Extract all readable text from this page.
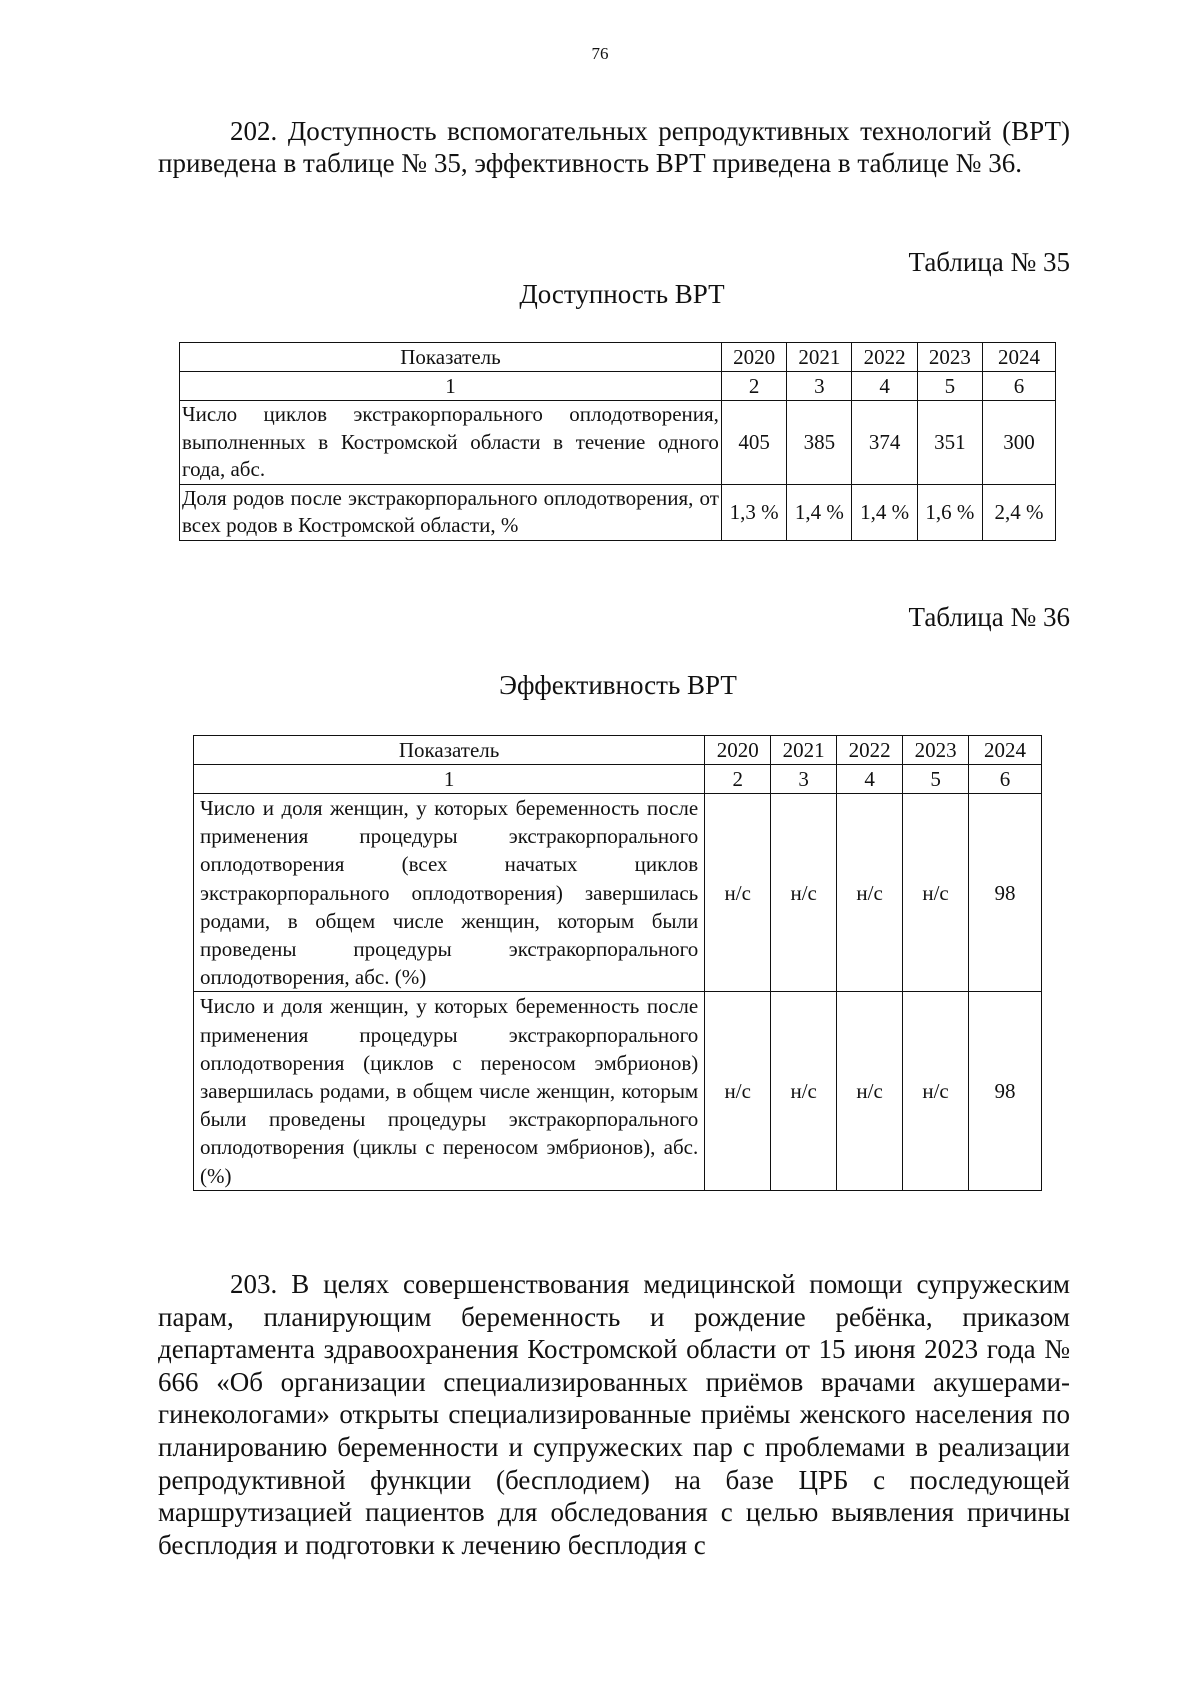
76

202. Доступность вспомогательных репродуктивных технологий (ВРТ) приведена в таблице № 35, эффективность ВРТ приведена в таблице № 36.

Таблица № 35

Доступность ВРТ

Показатель	2020	2021	2022	2023	2024
1	2	3	4	5	6
Число циклов экстракорпорального оплодотворения, выполненных в Костромской области в течение одного года, абс.	405	385	374	351	300
Доля родов после экстракорпорального оплодотворения, от всех родов в Костромской области, %	1,3 %	1,4 %	1,4 %	1,6 %	2,4 %

Таблица № 36

Эффективность ВРТ

Показатель	2020	2021	2022	2023	2024
1	2	3	4	5	6
Число и доля женщин, у которых беременность после применения процедуры экстракорпорального оплодотворения (всех начатых циклов экстракорпорального оплодотворения) завершилась родами, в общем числе женщин, которым были проведены процедуры экстракорпорального оплодотворения, абс. (%)	н/с	н/с	н/с	н/с	98
Число и доля женщин, у которых беременность после применения процедуры экстракорпорального оплодотворения (циклов с переносом эмбрионов) завершилась родами, в общем числе женщин, которым были проведены процедуры экстракорпорального оплодотворения (циклы с переносом эмбрионов), абс. (%)	н/с	н/с	н/с	н/с	98

203. В целях совершенствования медицинской помощи супружеским парам, планирующим беременность и рождение ребёнка, приказом департамента здравоохранения Костромской области от 15 июня 2023 года № 666 «Об организации специализированных приёмов врачами акушерами-гинекологами» открыты специализированные приёмы женского населения по планированию беременности и супружеских пар с проблемами в реализации репродуктивной функции (бесплодием) на базе ЦРБ с последующей маршрутизацией пациентов для обследования с целью выявления причины бесплодия и подготовки к лечению бесплодия с
